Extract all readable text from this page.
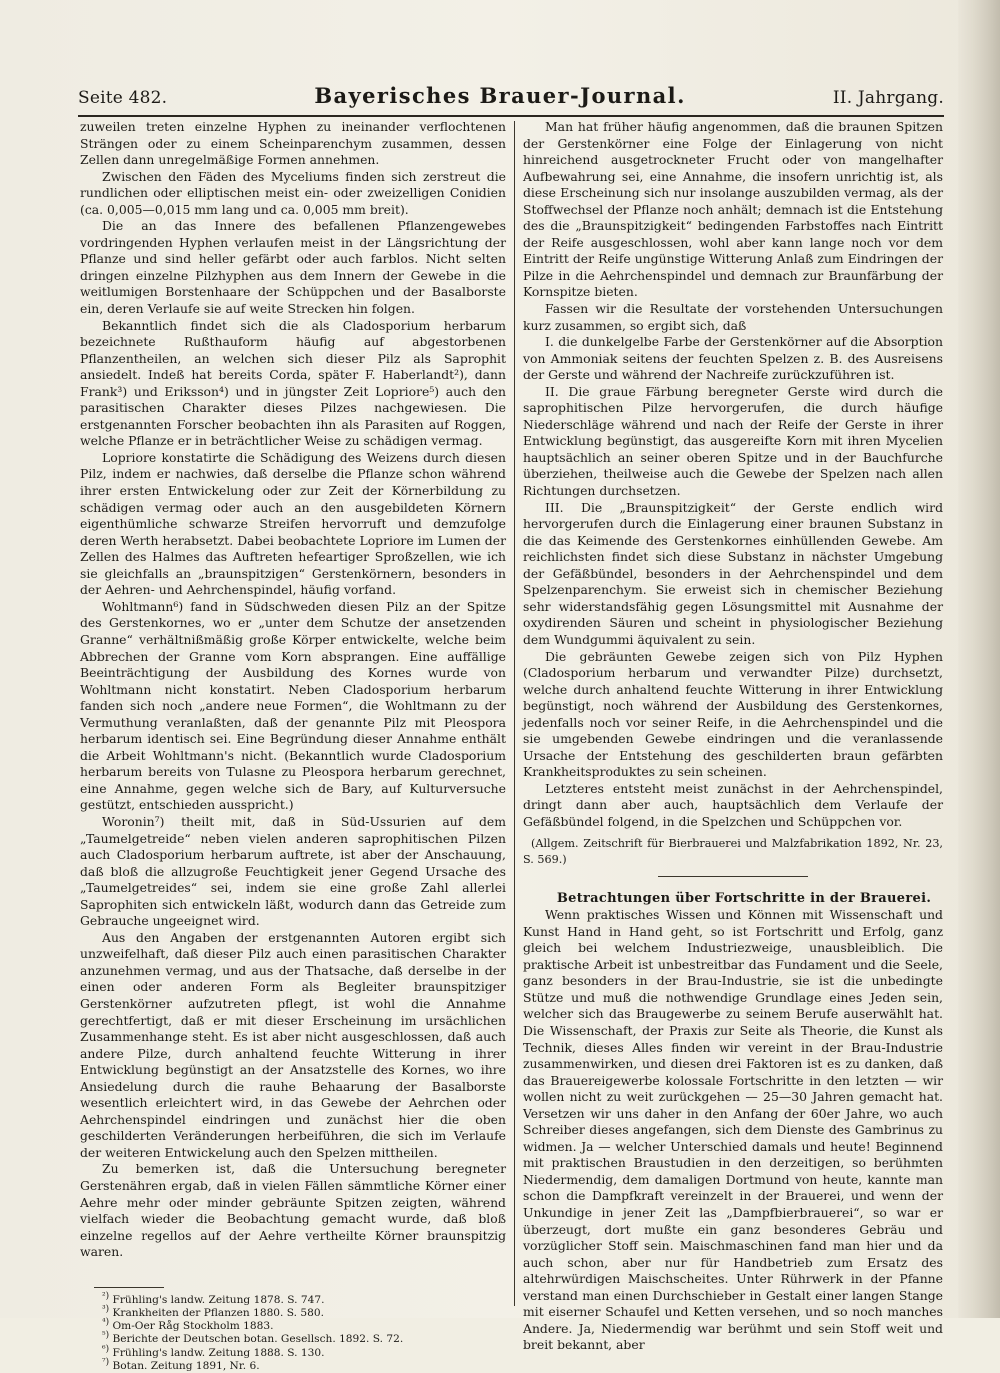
Seite 482.	Bayerisches Brauer-Journal.	II. Jahrgang.

zuweilen treten einzelne Hyphen zu ineinander verflochtenen Strängen oder zu einem Scheinparenchym zusammen, dessen Zellen dann unregelmäßige Formen annehmen.

Zwischen den Fäden des Myceliums finden sich zerstreut die rundlichen oder elliptischen meist ein- oder zweizelligen Conidien (ca. 0,005—0,015 mm lang und ca. 0,005 mm breit).

Die an das Innere des befallenen Pflanzengewebes vordringenden Hyphen verlaufen meist in der Längsrichtung der Pflanze und sind heller gefärbt oder auch farblos. Nicht selten dringen einzelne Pilzhyphen aus dem Innern der Gewebe in die weitlumigen Borstenhaare der Schüppchen und der Basalborste ein, deren Verlaufe sie auf weite Strecken hin folgen.

Bekanntlich findet sich die als Cladosporium herbarum bezeichnete Rußthauform häufig auf abgestorbenen Pflanzentheilen, an welchen sich dieser Pilz als Saprophit ansiedelt. Indeß hat bereits Corda, später F. Haberlandt²), dann Frank³) und Eriksson⁴) und in jüngster Zeit Lopriore⁵) auch den parasitischen Charakter dieses Pilzes nachgewiesen. Die erstgenannten Forscher beobachten ihn als Parasiten auf Roggen, welche Pflanze er in beträchtlicher Weise zu schädigen vermag.

Lopriore konstatirte die Schädigung des Weizens durch diesen Pilz, indem er nachwies, daß derselbe die Pflanze schon während ihrer ersten Entwickelung oder zur Zeit der Körnerbildung zu schädigen vermag oder auch an den ausgebildeten Körnern eigenthümliche schwarze Streifen hervorruft und demzufolge deren Werth herabsetzt. Dabei beobachtete Lopriore im Lumen der Zellen des Halmes das Auftreten hefeartiger Sproßzellen, wie ich sie gleichfalls an „braunspitzigen“ Gerstenkörnern, besonders in der Aehren- und Aehrchenspindel, häufig vorfand.

Wohltmann⁶) fand in Südschweden diesen Pilz an der Spitze des Gerstenkornes, wo er „unter dem Schutze der ansetzenden Granne“ verhältnißmäßig große Körper entwickelte, welche beim Abbrechen der Granne vom Korn absprangen. Eine auffällige Beeinträchtigung der Ausbildung des Kornes wurde von Wohltmann nicht konstatirt. Neben Cladosporium herbarum fanden sich noch „andere neue Formen“, die Wohltmann zu der Vermuthung veranlaßten, daß der genannte Pilz mit Pleospora herbarum identisch sei. Eine Begründung dieser Annahme enthält die Arbeit Wohltmann's nicht. (Bekanntlich wurde Cladosporium herbarum bereits von Tulasne zu Pleospora herbarum gerechnet, eine Annahme, gegen welche sich de Bary, auf Kulturversuche gestützt, entschieden ausspricht.)

Woronin⁷) theilt mit, daß in Süd-Ussurien auf dem „Taumelgetreide“ neben vielen anderen saprophitischen Pilzen auch Cladosporium herbarum auftrete, ist aber der Anschauung, daß bloß die allzugroße Feuchtigkeit jener Gegend Ursache des „Taumelgetreides“ sei, indem sie eine große Zahl allerlei Saprophiten sich entwickeln läßt, wodurch dann das Getreide zum Gebrauche ungeeignet wird.

Aus den Angaben der erstgenannten Autoren ergibt sich unzweifelhaft, daß dieser Pilz auch einen parasitischen Charakter anzunehmen vermag, und aus der Thatsache, daß derselbe in der einen oder anderen Form als Begleiter braunspitziger Gerstenkörner aufzutreten pflegt, ist wohl die Annahme gerechtfertigt, daß er mit dieser Erscheinung im ursächlichen Zusammenhange steht. Es ist aber nicht ausgeschlossen, daß auch andere Pilze, durch anhaltend feuchte Witterung in ihrer Entwicklung begünstigt an der Ansatzstelle des Kornes, wo ihre Ansiedelung durch die rauhe Behaarung der Basalborste wesentlich erleichtert wird, in das Gewebe der Aehrchen oder Aehrchenspindel eindringen und zunächst hier die oben geschilderten Veränderungen herbeiführen, die sich im Verlaufe der weiteren Entwickelung auch den Spelzen mittheilen.

Zu bemerken ist, daß die Untersuchung beregneter Gerstenähren ergab, daß in vielen Fällen sämmtliche Körner einer Aehre mehr oder minder gebräunte Spitzen zeigten, während vielfach wieder die Beobachtung gemacht wurde, daß bloß einzelne regellos auf der Aehre vertheilte Körner braunspitzig waren.

$^{^2)}$ Frühling's landw. Zeitung 1878. S. 747.

$^{^3)}$ Krankheiten der Pflanzen 1880. S. 580.

$^{^4)}$ Om-Oer Råg Stockholm 1883.

$^{^5)}$ Berichte der Deutschen botan. Gesellsch. 1892. S. 72.

$^{^6)}$ Frühling's landw. Zeitung 1888. S. 130.

$^{^7)}$ Botan. Zeitung 1891, Nr. 6.

Man hat früher häufig angenommen, daß die braunen Spitzen der Gerstenkörner eine Folge der Einlagerung von nicht hinreichend ausgetrockneter Frucht oder von mangelhafter Aufbewahrung sei, eine Annahme, die insofern unrichtig ist, als diese Erscheinung sich nur insolange auszubilden vermag, als der Stoffwechsel der Pflanze noch anhält; demnach ist die Entstehung des die „Braunspitzigkeit“ bedingenden Farbstoffes nach Eintritt der Reife ausgeschlossen, wohl aber kann lange noch vor dem Eintritt der Reife ungünstige Witterung Anlaß zum Eindringen der Pilze in die Aehrchenspindel und demnach zur Braunfärbung der Kornspitze bieten.

Fassen wir die Resultate der vorstehenden Untersuchungen kurz zusammen, so ergibt sich, daß

I. die dunkelgelbe Farbe der Gerstenkörner auf die Absorption von Ammoniak seitens der feuchten Spelzen z. B. des Ausreisens der Gerste und während der Nachreife zurückzuführen ist.

II. Die graue Färbung beregneter Gerste wird durch die saprophitischen Pilze hervorgerufen, die durch häufige Niederschläge während und nach der Reife der Gerste in ihrer Entwicklung begünstigt, das ausgereifte Korn mit ihren Mycelien hauptsächlich an seiner oberen Spitze und in der Bauchfurche überziehen, theilweise auch die Gewebe der Spelzen nach allen Richtungen durchsetzen.

III. Die „Braunspitzigkeit“ der Gerste endlich wird hervorgerufen durch die Einlagerung einer braunen Substanz in die das Keimende des Gerstenkornes einhüllenden Gewebe. Am reichlichsten findet sich diese Substanz in nächster Umgebung der Gefäßbündel, besonders in der Aehrchenspindel und dem Spelzenparenchym. Sie erweist sich in chemischer Beziehung sehr widerstandsfähig gegen Lösungsmittel mit Ausnahme der oxydirenden Säuren und scheint in physiologischer Beziehung dem Wundgummi äquivalent zu sein.

Die gebräunten Gewebe zeigen sich von Pilz Hyphen (Cladosporium herbarum und verwandter Pilze) durchsetzt, welche durch anhaltend feuchte Witterung in ihrer Entwicklung begünstigt, noch während der Ausbildung des Gerstenkornes, jedenfalls noch vor seiner Reife, in die Aehrchenspindel und die sie umgebenden Gewebe eindringen und die veranlassende Ursache der Entstehung des geschilderten braun gefärbten Krankheitsproduktes zu sein scheinen.

Letzteres entsteht meist zunächst in der Aehrchenspindel, dringt dann aber auch, hauptsächlich dem Verlaufe der Gefäßbündel folgend, in die Spelzchen und Schüppchen vor.

(Allgem. Zeitschrift für Bierbrauerei und Malzfabrikation 1892, Nr. 23, S. 569.)

Betrachtungen über Fortschritte in der Brauerei.

Wenn praktisches Wissen und Können mit Wissenschaft und Kunst Hand in Hand geht, so ist Fortschritt und Erfolg, ganz gleich bei welchem Industriezweige, unausbleiblich. Die praktische Arbeit ist unbestreitbar das Fundament und die Seele, ganz besonders in der Brau-Industrie, sie ist die unbedingte Stütze und muß die nothwendige Grundlage eines Jeden sein, welcher sich das Braugewerbe zu seinem Berufe auserwählt hat. Die Wissenschaft, der Praxis zur Seite als Theorie, die Kunst als Technik, dieses Alles finden wir vereint in der Brau-Industrie zusammenwirken, und diesen drei Faktoren ist es zu danken, daß das Brauereigewerbe kolossale Fortschritte in den letzten — wir wollen nicht zu weit zurückgehen — 25—30 Jahren gemacht hat. Versetzen wir uns daher in den Anfang der 60er Jahre, wo auch Schreiber dieses angefangen, sich dem Dienste des Gambrinus zu widmen. Ja — welcher Unterschied damals und heute! Beginnend mit praktischen Braustudien in den derzeitigen, so berühmten Niedermendig, dem damaligen Dortmund von heute, kannte man schon die Dampfkraft vereinzelt in der Brauerei, und wenn der Unkundige in jener Zeit las „Dampfbierbrauerei“, so war er überzeugt, dort mußte ein ganz besonderes Gebräu und vorzüglicher Stoff sein. Maischmaschinen fand man hier und da auch schon, aber nur für Handbetrieb zum Ersatz des altehrwürdigen Maischscheites. Unter Rührwerk in der Pfanne verstand man einen Durchschieber in Gestalt einer langen Stange mit eiserner Schaufel und Ketten versehen, und so noch manches Andere. Ja, Niedermendig war berühmt und sein Stoff weit und breit bekannt, aber
